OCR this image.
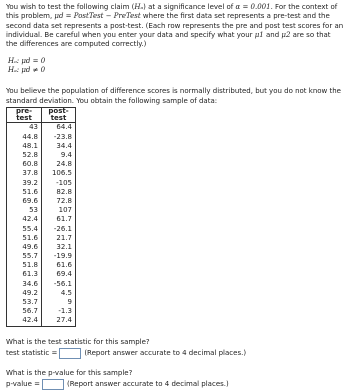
You wish to test the following claim (Hₐ) at a significance level of α = 0.001. For the context of this problem, μd = PostTest − PreTest where the first data set represents a pre-test and the second data set represents a post-test. (Each row represents the pre and post test scores for an individual. Be careful when you enter your data and specify what your μ1 and μ2 are so that the differences are computed correctly.)

Hₒ: μd = 0
Hₐ: μd ≠ 0

You believe the population of difference scores is normally distributed, but you do not know the standard deviation. You obtain the following sample of data:

pre-test	post-test
43	64.4
44.8	-23.8
48.1	34.4
52.8	9.4
60.8	24.8
37.8	106.5
39.2	-105
51.6	82.8
69.6	72.8
53	107
42.4	61.7
55.4	-26.1
51.6	21.7
49.6	32.1
55.7	-19.9
51.8	61.6
61.3	69.4
34.6	-56.1
49.2	4.5
53.7	9
56.7	-1.3
42.4	27.4
What is the test statistic for this sample?
test statistic =	(Report answer accurate to 4 decimal places.)
What is the p-value for this sample?
p-value =	(Report answer accurate to 4 decimal places.)
